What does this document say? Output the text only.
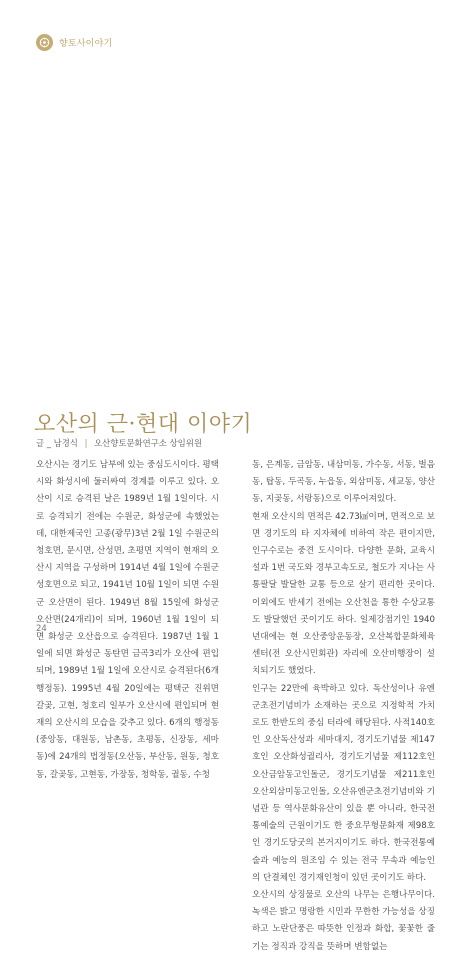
향토사이야기
오산의 근·현대 이야기
글 _ 남경식 | 오산향토문화연구소 상임위원

오산시는 경기도 남부에 있는 중심도시이다. 평택시와 화성시에 둘러싸여 경계를 이루고 있다. 오산이 시로 승격된 날은 1989년 1월 1일이다. 시로 승격되기 전에는 수원군, 화성군에 속했었는데, 대한제국인 고종(광무)3년 2월 1일 수원군의 청호면, 문시면, 산성면, 초평면 지역이 현재의 오산시 지역을 구성하며 1914년 4월 1일에 수원군 성호면으로 되고, 1941년 10월 1일이 되면 수원군 오산면이 된다. 1949년 8월 15일에 화성군 오산면(24개리)이 되며, 1960년 1월 1일이 되면 화성군 오산읍으로 승격된다. 1987년 1월 1일에 되면 화성군 동탄면 금곡3리가 오산에 편입되며, 1989년 1월 1일에 오산시로 승격된다(6개 행정동). 1995년 4월 20일에는 평택군 진위면 갈곶, 고현, 청호리 일부가 오산시에 편입되며 현재의 오산시의 모습을 갖추고 있다. 6개의 행정동(중앙동, 대원동, 남촌동, 초평동, 신장동, 세마동)에 24개의 법정동(오산동, 부산동, 원동, 청호동, 갈곶동, 고현동, 가장동, 청학동, 궐동, 수청

동, 은계동, 금암동, 내삼미동, 가수동, 서동, 벌음동, 탑동, 두곡동, 누읍동, 외삼미동, 세교동, 양산동, 지곶동, 서랑동)으로 이루어져있다.

현재 오산시의 면적은 42.73㎢이며, 면적으로 보면 경기도의 타 지자체에 비하여 작은 편이지만, 인구수로는 중견 도시이다. 다양한 문화, 교육시설과 1번 국도와 경부고속도로, 철도가 지나는 사통팔달 발달한 교통 등으로 살기 편리한 곳이다. 이외에도 반세기 전에는 오산천을 통한 수상교통도 발달했던 곳이기도 하다. 일제강점기인 1940년대에는 현 오산중앙운동장, 오산복합문화체육센터(전 오산시민회관) 자리에 오산비행장이 설치되기도 했었다.

인구는 22만에 육박하고 있다. 독산성이나 유엔군초전기념비가 소재하는 곳으로 지정학적 가치로도 한반도의 중심 터라에 해당된다. 사적140호인 오산독산성과 세마대지, 경기도기념물 제147호인 오산화성궐리사, 경기도기념물 제112호인 오산금암동고인돌군, 경기도기념물 제211호인 오산외삼미동고인돌, 오산유엔군초전기념비와 기념관 등 역사문화유산이 있을 뿐 아니라, 한국전통예술의 근원이기도 한 중요무형문화재 제98호인 경기도당굿의 본거지이기도 하다. 한국전통예술과 예능의 원조임 수 있는 전국 무속과 예능인의 단결체인 경기재인청이 있던 곳이기도 하다.

오산시의 상징물로 오산의 나무는 은행나무이다. 녹색은 밝고 명랑한 시민과 무한한 가능성을 상징하고 노란단풍은 따뜻한 인정과 화합, 꽃꽃한 줄기는 정직과 강직을 뜻하며 변함없는

24
